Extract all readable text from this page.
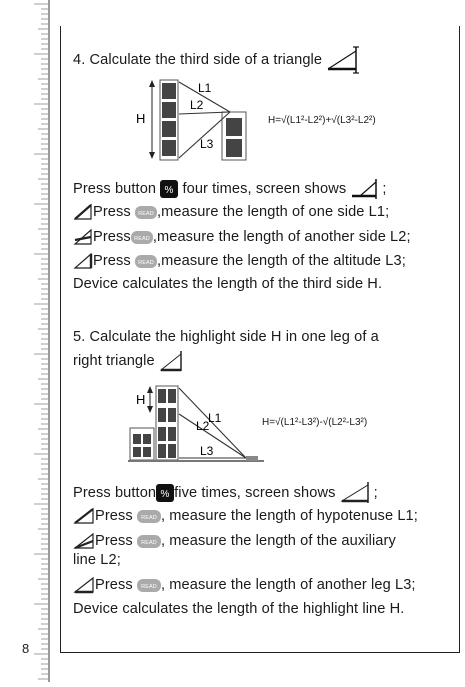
8
4. Calculate the third side of a triangle
H
L1
L2
L3
H=√(L1²-L2²)+√(L3²-L2²)
Press button % four times, screen shows ;
Press READ ,measure the length of one side L1;
Press READ ,measure the length of another side L2;
Press READ ,measure the length of the altitude L3;
Device calculates the length of the third side H.
5. Calculate the highlight side H in one leg of a
right triangle
H
L1
L2
L3
H=√(L1²-L3²)-√(L2²-L3²)
Press button % five times, screen shows	;
Press READ , measure the length of hypotenuse L1;
Press READ , measure the length of the auxiliary
line L2;
Press READ , measure the length of another leg L3;
Device calculates the length of the highlight line H.
